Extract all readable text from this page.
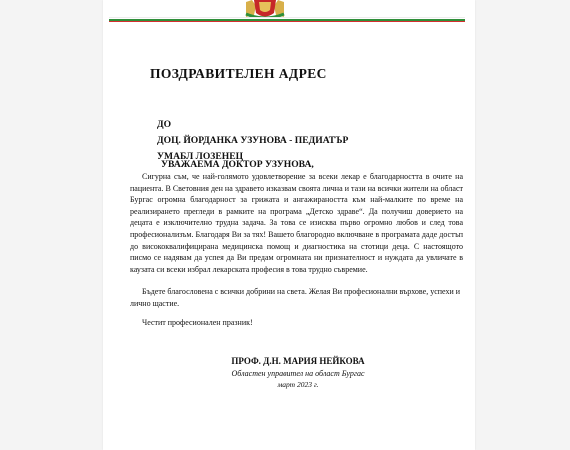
ПОЗДРАВИТЕЛЕН АДРЕС
ДО
ДОЦ. ЙОРДАНКА УЗУНОВА - ПЕДИАТЪР
УМАБЛ ЛОЗЕНЕЦ
УВАЖАЕМА ДОКТОР УЗУНОВА,

Сигурна съм, че най-голямото удовлетворение за всеки лекар е благодарността в очите на пациента. В Световния ден на здравето изказвам своята лична и тази на всички жители на област Бургас огромна благодарност за грижата и ангажираността към най-малките по време на реализирането прегледи в рамките на програма „Детско здраве“. Да получиш доверието на децата е изключително трудна задача. За това се изисква първо огромно любов и след това професионализъм. Благодаря Ви за тях! Вашето благородно включване в програмата даде достъп до висококвалифицирана медицинска помощ и диагностика на стотици деца. С настоящото писмо се надявам да успея да Ви предам огромната ни признателност и нуждата да увличате в каузата си всеки избрал лекарската професия в това трудно съвремие.

Бъдете благословена с всички добрини на света. Желая Ви професионални върхове, успехи и лично щастие.

Честит професионален празник!

ПРОФ. Д.Н. МАРИЯ НЕЙКОВА
Областен управител на област Бургас
март 2023 г.
